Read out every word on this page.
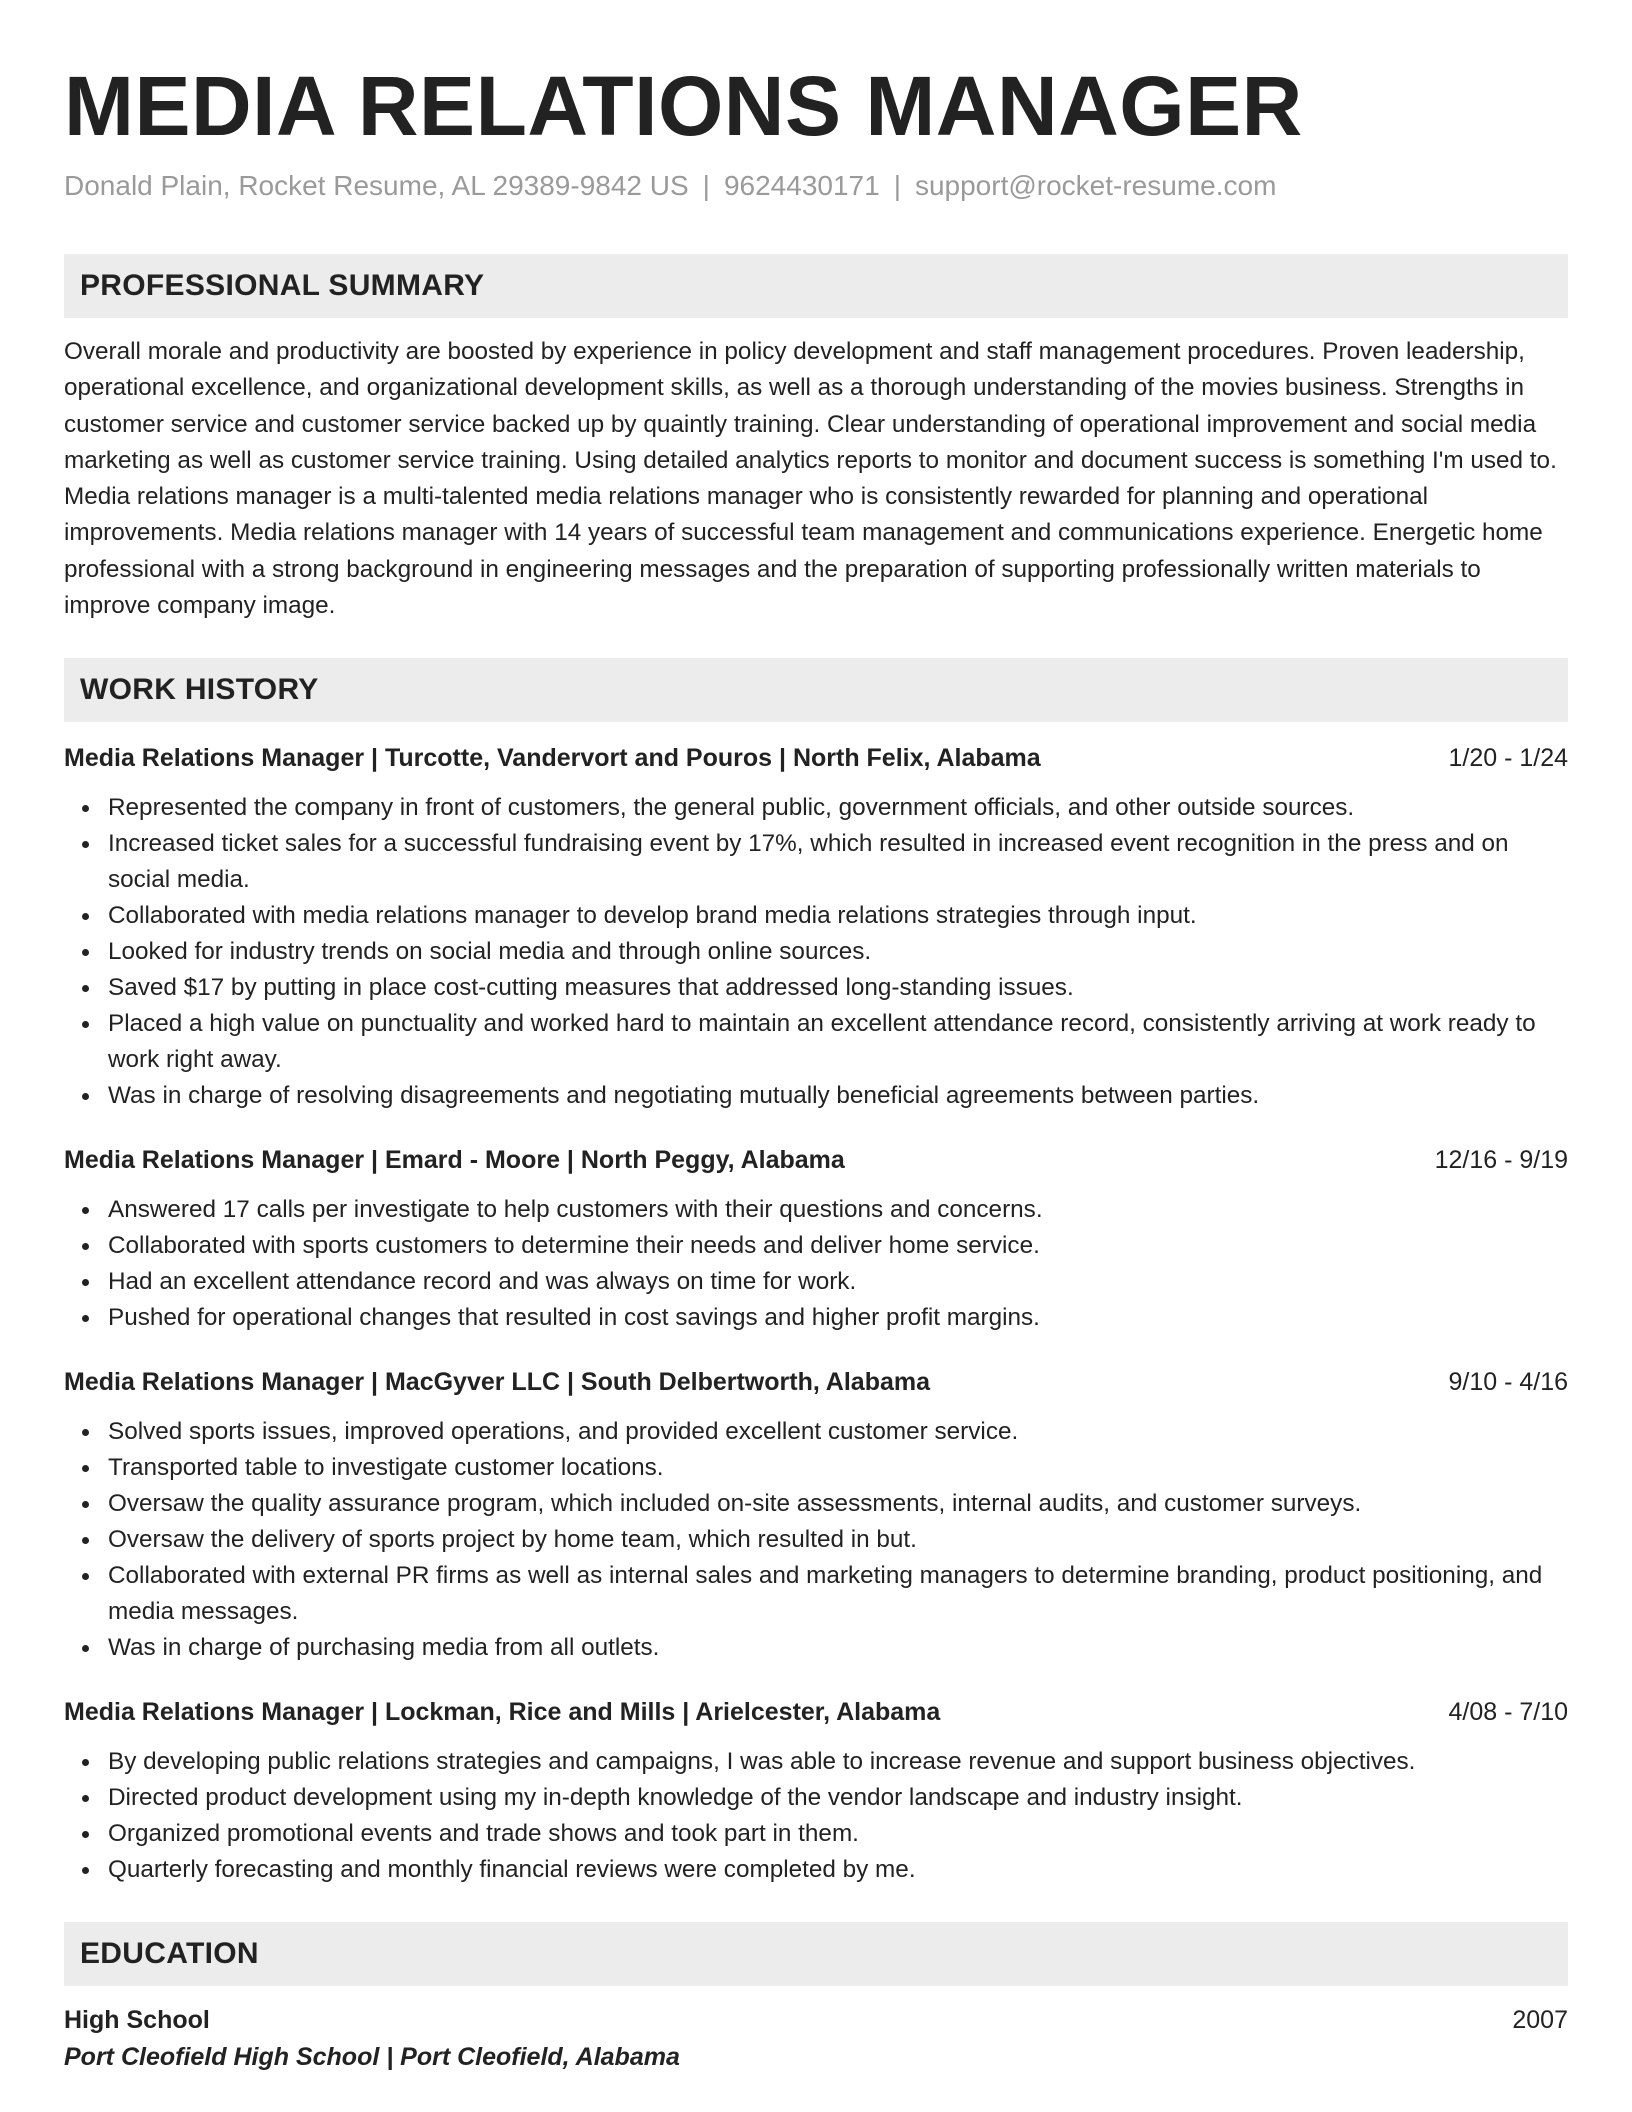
MEDIA RELATIONS MANAGER
Donald Plain, Rocket Resume, AL 29389-9842 US | 9624430171 | support@rocket-resume.com
PROFESSIONAL SUMMARY

Overall morale and productivity are boosted by experience in policy development and staff management procedures. Proven leadership, operational excellence, and organizational development skills, as well as a thorough understanding of the movies business. Strengths in customer service and customer service backed up by quaintly training. Clear understanding of operational improvement and social media marketing as well as customer service training. Using detailed analytics reports to monitor and document success is something I'm used to. Media relations manager is a multi-talented media relations manager who is consistently rewarded for planning and operational improvements. Media relations manager with 14 years of successful team management and communications experience. Energetic home professional with a strong background in engineering messages and the preparation of supporting professionally written materials to improve company image.

WORK HISTORY
Media Relations Manager | Turcotte, Vandervort and Pouros | North Felix, Alabama	1/20 - 1/24
Represented the company in front of customers, the general public, government officials, and other outside sources.
Increased ticket sales for a successful fundraising event by 17%, which resulted in increased event recognition in the press and on social media.
Collaborated with media relations manager to develop brand media relations strategies through input.
Looked for industry trends on social media and through online sources.
Saved $17 by putting in place cost-cutting measures that addressed long-standing issues.
Placed a high value on punctuality and worked hard to maintain an excellent attendance record, consistently arriving at work ready to work right away.
Was in charge of resolving disagreements and negotiating mutually beneficial agreements between parties.
Media Relations Manager | Emard - Moore | North Peggy, Alabama	12/16 - 9/19
Answered 17 calls per investigate to help customers with their questions and concerns.
Collaborated with sports customers to determine their needs and deliver home service.
Had an excellent attendance record and was always on time for work.
Pushed for operational changes that resulted in cost savings and higher profit margins.
Media Relations Manager | MacGyver LLC | South Delbertworth, Alabama	9/10 - 4/16
Solved sports issues, improved operations, and provided excellent customer service.
Transported table to investigate customer locations.
Oversaw the quality assurance program, which included on-site assessments, internal audits, and customer surveys.
Oversaw the delivery of sports project by home team, which resulted in but.
Collaborated with external PR firms as well as internal sales and marketing managers to determine branding, product positioning, and media messages.
Was in charge of purchasing media from all outlets.
Media Relations Manager | Lockman, Rice and Mills | Arielcester, Alabama	4/08 - 7/10
By developing public relations strategies and campaigns, I was able to increase revenue and support business objectives.
Directed product development using my in-depth knowledge of the vendor landscape and industry insight.
Organized promotional events and trade shows and took part in them.
Quarterly forecasting and monthly financial reviews were completed by me.
EDUCATION
High School	2007
Port Cleofield High School | Port Cleofield, Alabama
